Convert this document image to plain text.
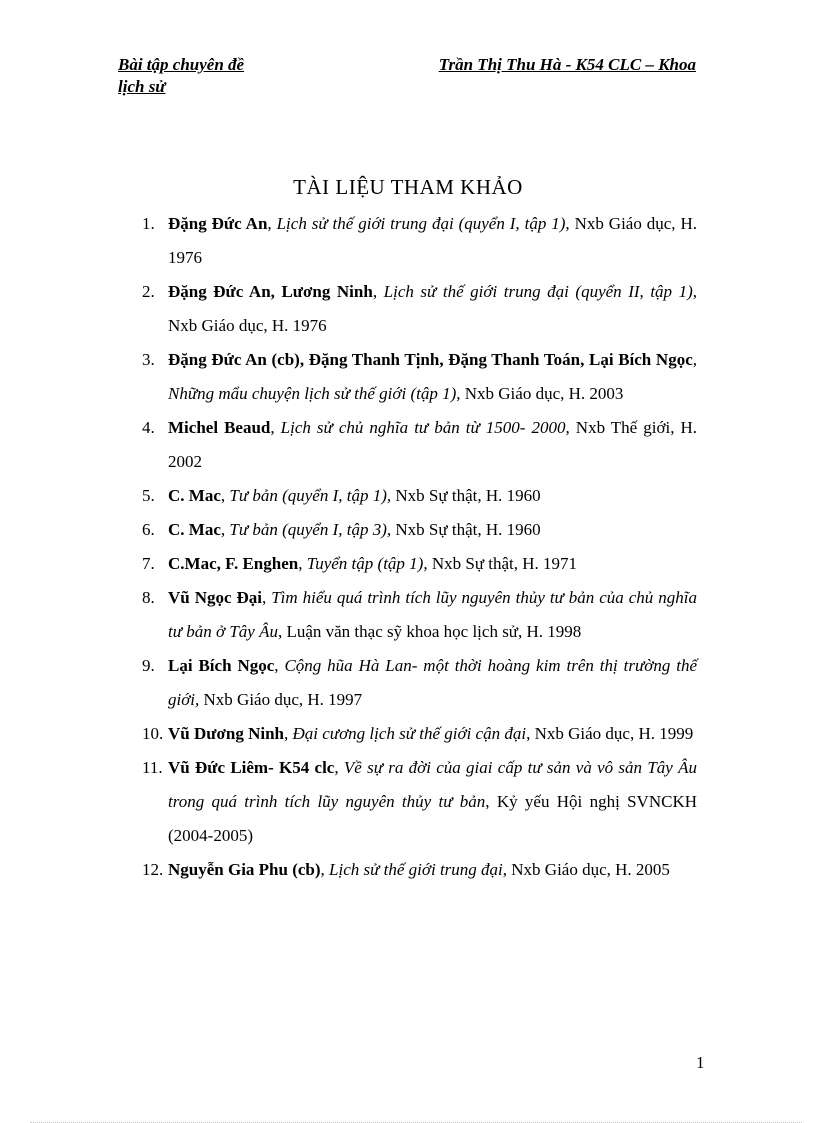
Bài tập chuyên đề	Trần Thị Thu Hà - K54 CLC – Khoa
lịch sử
TÀI LIỆU THAM KHẢO
1. Đặng Đức An, Lịch sử thế giới trung đại (quyển I, tập 1), Nxb Giáo dục, H. 1976
2. Đặng Đức An, Lương Ninh, Lịch sử thế giới trung đại (quyển II, tập 1), Nxb Giáo dục, H. 1976
3. Đặng Đức An (cb), Đặng Thanh Tịnh, Đặng Thanh Toán, Lại Bích Ngọc, Những mẩu chuyện lịch sử thế giới (tập 1), Nxb Giáo dục, H. 2003
4. Michel Beaud, Lịch sử chủ nghĩa tư bản từ 1500- 2000, Nxb Thế giới, H. 2002
5. C. Mac, Tư bản (quyển I, tập 1), Nxb Sự thật, H. 1960
6. C. Mac, Tư bản (quyển I, tập 3), Nxb Sự thật, H. 1960
7. C.Mac, F. Enghen, Tuyển tập (tập 1), Nxb Sự thật, H. 1971
8. Vũ Ngọc Đại, Tìm hiểu quá trình tích lũy nguyên thủy tư bản của chủ nghĩa tư bản ở Tây Âu, Luận văn thạc sỹ khoa học lịch sử, H. 1998
9. Lại Bích Ngọc, Cộng hũa Hà Lan- một thời hoàng kim trên thị trường thế giới, Nxb Giáo dục, H. 1997
10. Vũ Dương Ninh, Đại cương lịch sử thế giới cận đại, Nxb Giáo dục, H. 1999
11. Vũ Đức Liêm- K54 clc, Về sự ra đời của giai cấp tư sản và vô sản Tây Âu trong quá trình tích lũy nguyên thủy tư bản, Kỷ yếu Hội nghị SVNCKH (2004-2005)
12. Nguyễn Gia Phu (cb), Lịch sử thế giới trung đại, Nxb Giáo dục, H. 2005
1
